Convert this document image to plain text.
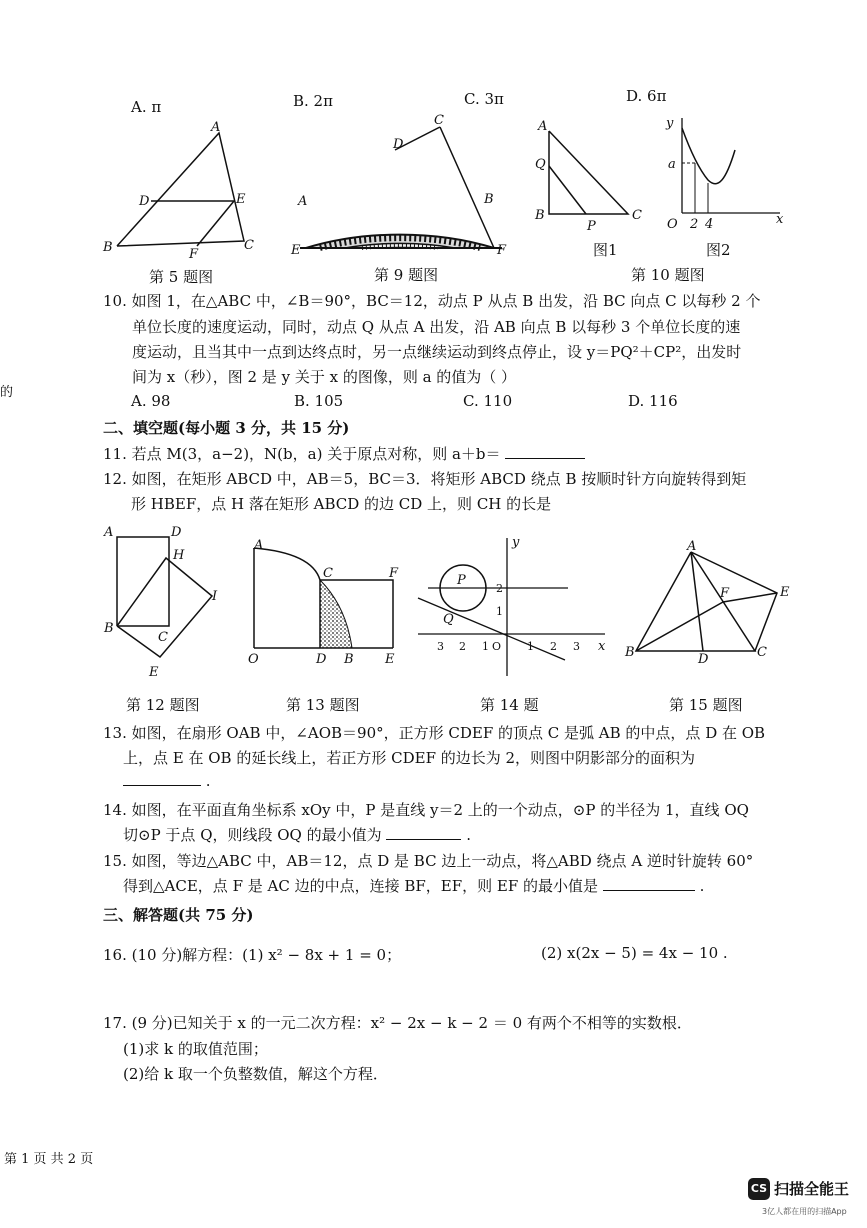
A. π	B. 2π	C. 3π	D. 6π
A
D	E
B	F
C
C
D
A	B
E	F
A
Q
B
P
C
y
a
O 2 4	x
第 5 题图	第 9 题图
图1	图2
第 10 题图
10. 如图 1，在△ABC 中，∠B＝90°，BC＝12，动点 P 从点 B 出发，沿 BC 向点 C 以每秒 2 个
单位长度的速度运动，同时，动点 Q 从点 A 出发，沿 AB 向点 B 以每秒 3 个单位长度的速
度运动，且当其中一点到达终点时，另一点继续运动到终点停止，设 y＝PQ²＋CP²，出发时
间为 x（秒），图 2 是 y 关于 x 的图像，则 a 的值为（ ）
A. 98	B. 105	C. 110	D. 116
的
二、填空题(每小题 3 分，共 15 分)
11. 若点 M(3，a−2)，N(b，a) 关于原点对称，则 a＋b＝
12. 如图，在矩形 ABCD 中，AB＝5，BC＝3．将矩形 ABCD 绕点 B 按顺时针方向旋转得到矩
形 HBEF，点 H 落在矩形 ABCD 的边 CD 上，则 CH 的长是
A	D
H
I
B
C
E
A
C	F
O	D B E
y
P
2
1
Q
O
3 2 1	1 2 3 x
A
F	E
B	D	C
第 12 题图	第 13 题图	第 14 题	第 15 题图
13. 如图，在扇形 OAB 中，∠AOB＝90°，正方形 CDEF 的顶点 C 是弧 AB 的中点，点 D 在 OB
上，点 E 在 OB 的延长线上，若正方形 CDEF 的边长为 2，则图中阴影部分的面积为
.
14. 如图，在平面直角坐标系 xOy 中，P 是直线 y＝2 上的一个动点，⊙P 的半径为 1，直线 OQ
切⊙P 于点 Q，则线段 OQ 的最小值为	.
15. 如图，等边△ABC 中，AB＝12，点 D 是 BC 边上一动点，将△ABD 绕点 A 逆时针旋转 60°
得到△ACE，点 F 是 AC 边的中点，连接 BF，EF，则 EF 的最小值是	.
三、解答题(共 75 分)
16. (10 分)解方程：(1) x² − 8x + 1 = 0；	(2) x(2x − 5) = 4x − 10 .
17. (9 分)已知关于 x 的一元二次方程：x² − 2x − k − 2 ＝ 0 有两个不相等的实数根．
(1)求 k 的取值范围；
(2)给 k 取一个负整数值，解这个方程．
第 1 页 共 2 页
CS 扫描全能王
3亿人都在用的扫描App
